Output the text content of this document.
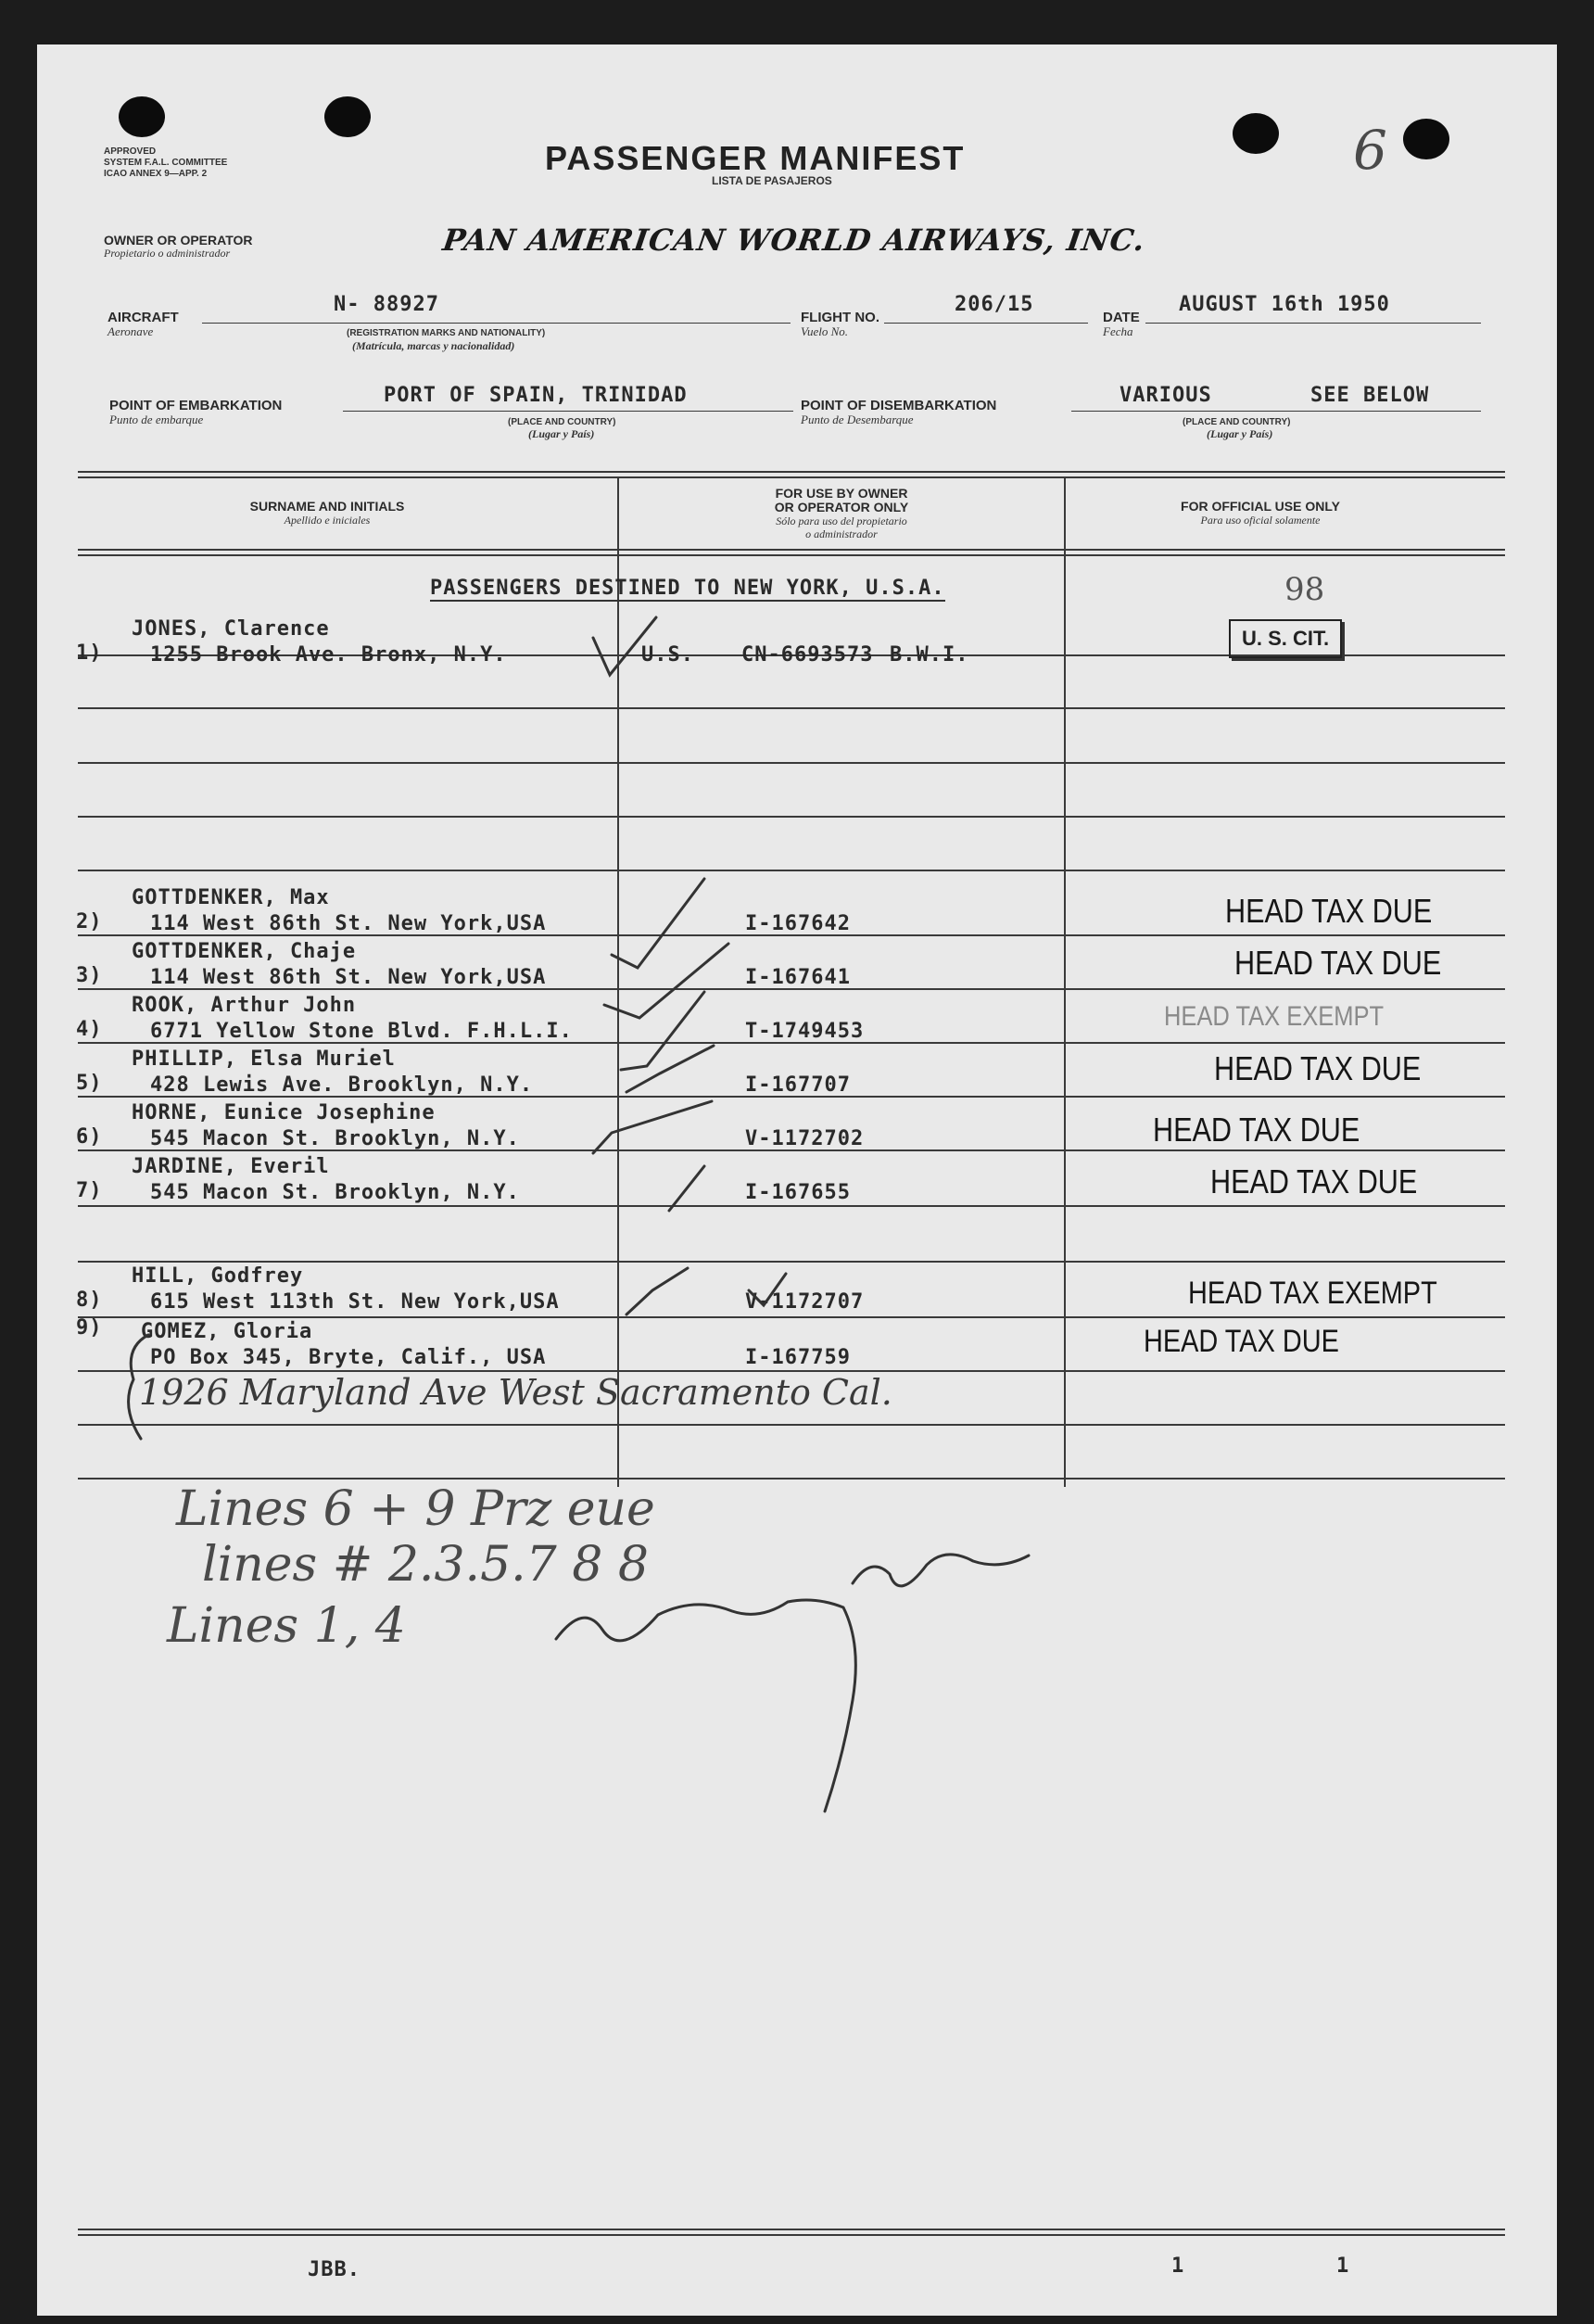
APPROVED
SYSTEM F.A.L. COMMITTEE
ICAO ANNEX 9—APP. 2	PASSENGER MANIFEST
LISTA DE PASAJEROS	6
OWNER OR OPERATOR
Propietario o administrador	PAN AMERICAN WORLD AIRWAYS, INC.
AIRCRAFT
Aeronave
N- 88927
(REGISTRATION MARKS AND NATIONALITY)
(Matrícula, marcas y nacionalidad)
FLIGHT NO.
Vuelo No.
206/15
DATE
Fecha
AUGUST 16th 1950
POINT OF EMBARKATION
Punto de embarque
PORT OF SPAIN, TRINIDAD
(PLACE AND COUNTRY)
(Lugar y País)
POINT OF DISEMBARKATION
Punto de Desembarque
VARIOUS	SEE BELOW
(PLACE AND COUNTRY)
(Lugar y País)
SURNAME AND INITIALS
Apellido e iniciales
FOR USE BY OWNER
OR OPERATOR ONLY
Sólo para uso del propietario
o administrador
FOR OFFICIAL USE ONLY
Para uso oficial solamente
PASSENGERS DESTINED TO NEW YORK, U.S.A.	98
JONES, Clarence
1) 1255 Brook Ave. Bronx, N.Y.	U.S. CN-6693573 B.W.I.
U. S. CIT.
GOTTDENKER, Max
2) 114 West 86th St. New York,USA	I-167642	HEAD TAX DUE
GOTTDENKER, Chaje
3) 114 West 86th St. New York,USA	I-167641	HEAD TAX DUE
ROOK, Arthur John
4) 6771 Yellow Stone Blvd. F.H.L.I.	T-1749453	HEAD TAX EXEMPT
PHILLIP, Elsa Muriel
5) 428 Lewis Ave. Brooklyn, N.Y.	I-167707	HEAD TAX DUE
HORNE, Eunice Josephine
6) 545 Macon St. Brooklyn, N.Y.	V-1172702	HEAD TAX DUE
JARDINE, Everil
7) 545 Macon St. Brooklyn, N.Y.	I-167655	HEAD TAX DUE
HILL, Godfrey
8) 615 West 113th St. New York,USA	V-1172707	HEAD TAX EXEMPT
GOMEZ, Gloria
9)
PO Box 345, Bryte, Calif., USA	I-167759	HEAD TAX DUE
1926 Maryland Ave West Sacramento Cal.
Lines 6 + 9 Prz eue
lines # 2.3.5.7 8 8
Lines 1, 4
JBB.	1	1
